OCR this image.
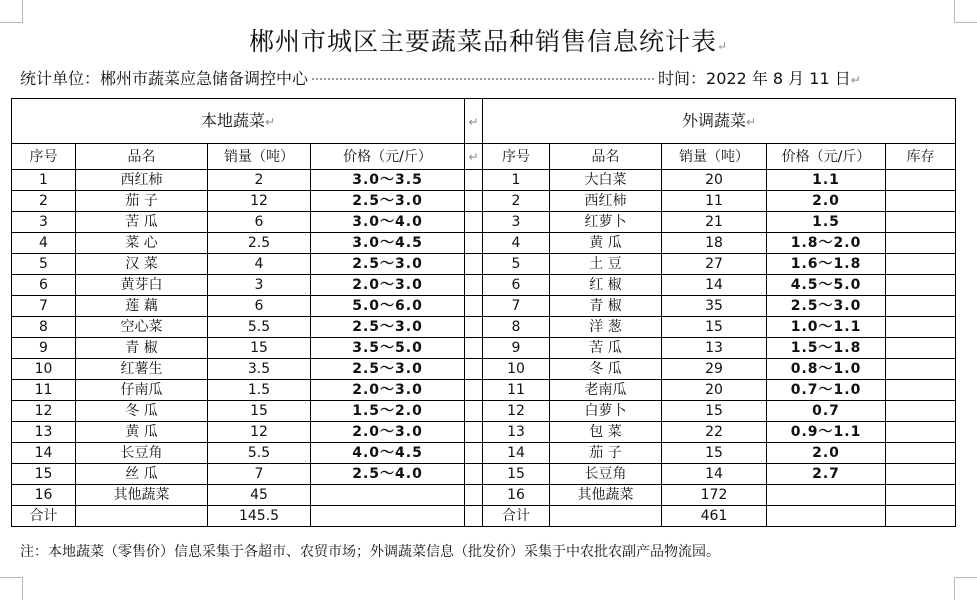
郴州市城区主要蔬菜品种销售信息统计表↵
统计单位：郴州市蔬菜应急储备调控中心	时间：2022 年 8 月 11 日↵
本地蔬菜↵				↵	外调蔬菜↵				
序号	品名	销量（吨）	价格（元/斤）	↵	序号	品名	销量（吨）	价格（元/斤）	库存
1	西红柿	2	3.0～3.5		1	大白菜	20	1.1	
2	茄 子	12	2.5～3.0		2	西红柿	11	2.0	
3	苦 瓜	6	3.0～4.0		3	红萝卜	21	1.5	
4	菜 心	2.5	3.0～4.5		4	黄 瓜	18	1.8～2.0	
5	汉 菜	4	2.5～3.0		5	土 豆	27	1.6～1.8	
6	黄芽白	3	2.0～3.0		6	红 椒	14	4.5～5.0	
7	莲 藕	6	5.0～6.0		7	青 椒	35	2.5～3.0	
8	空心菜	5.5	2.5～3.0		8	洋 葱	15	1.0～1.1	
9	青 椒	15	3.5～5.0		9	苦 瓜	13	1.5～1.8	
10	红薯生	3.5	2.5～3.0		10	冬 瓜	29	0.8～1.0	
11	仔南瓜	1.5	2.0～3.0		11	老南瓜	20	0.7～1.0	
12	冬 瓜	15	1.5～2.0		12	白萝卜	15	0.7	
13	黄 瓜	12	2.0～3.0		13	包 菜	22	0.9～1.1	
14	长豆角	5.5	4.0～4.5		14	茄 子	15	2.0	
15	丝 瓜	7	2.5～4.0		15	长豆角	14	2.7	
16	其他蔬菜	45			16	其他蔬菜	172		
合计		145.5			合计		461		
注：本地蔬菜（零售价）信息采集于各超市、农贸市场；外调蔬菜信息（批发价）采集于中农批农副产品物流园。
